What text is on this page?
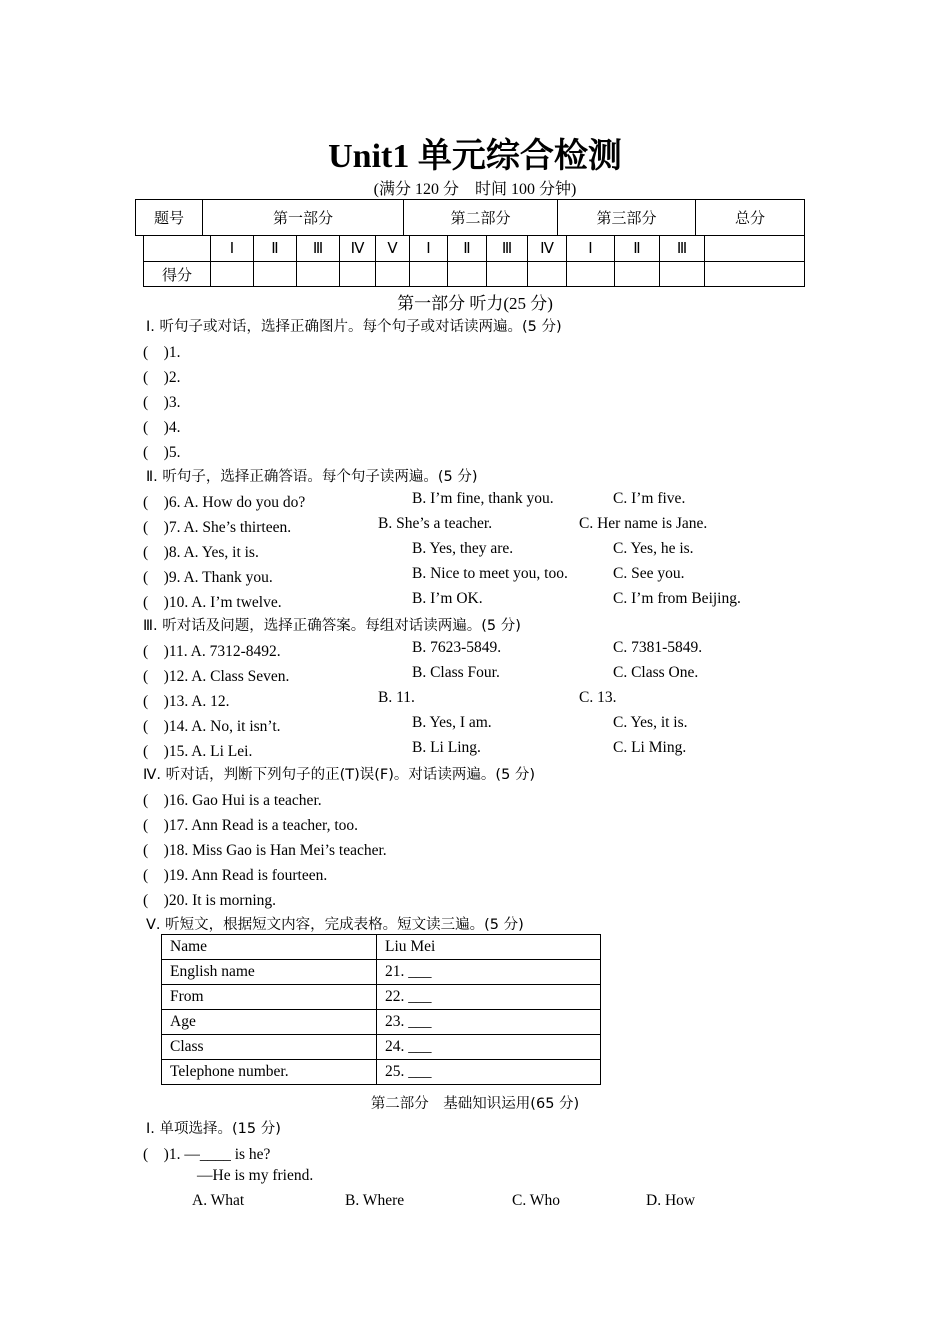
Unit1 单元综合检测
(满分 120 分　时间 100 分钟)
题号	第一部分	第二部分	第三部分	总分
	Ⅰ	Ⅱ	Ⅲ	Ⅳ	Ⅴ	Ⅰ	Ⅱ	Ⅲ	Ⅳ	Ⅰ	Ⅱ	Ⅲ	
得分													
第一部分 听力(25 分)
Ⅰ. 听句子或对话，选择正确图片。每个句子或对话读两遍。(5 分)
(　)1.
(　)2.
(　)3.
(　)4.
(　)5.
Ⅱ. 听句子，选择正确答语。每个句子读两遍。(5 分)
(　)6. A. How do you do?	B. I’m fine, thank you.	C. I’m five.
(　)7. A. She’s thirteen.	B. She’s a teacher.	C. Her name is Jane.
(　)8. A. Yes, it is.	B. Yes, they are.	C. Yes, he is.
(　)9. A. Thank you.	B. Nice to meet you, too.	C. See you.
(　)10. A. I’m twelve.	B. I’m OK.	C. I’m from Beijing.
Ⅲ. 听对话及问题，选择正确答案。每组对话读两遍。(5 分)
(　)11. A. 7312-8492.	B. 7623-5849.	C. 7381-5849.
(　)12. A. Class Seven.	B. Class Four.	C. Class One.
(　)13. A. 12.	B. 11.	C. 13.
(　)14. A. No, it isn’t.	B. Yes, I am.	C. Yes, it is.
(　)15. A. Li Lei.	B. Li Ling.	C. Li Ming.
Ⅳ. 听对话，判断下列句子的正(T)误(F)。对话读两遍。(5 分)
(　)16. Gao Hui is a teacher.
(　)17. Ann Read is a teacher, too.
(　)18. Miss Gao is Han Mei’s teacher.
(　)19. Ann Read is fourteen.
(　)20. It is morning.
Ⅴ. 听短文，根据短文内容，完成表格。短文读三遍。(5 分)
Name	Liu Mei
English name	21. ___
From	22. ___
Age	23. ___
Class	24. ___
Telephone number.	25. ___
第二部分　基础知识运用(65 分)
Ⅰ. 单项选择。(15 分)
(　)1. —____ is he?
—He is my friend.
A. What	B. Where	C. Who	D. How
